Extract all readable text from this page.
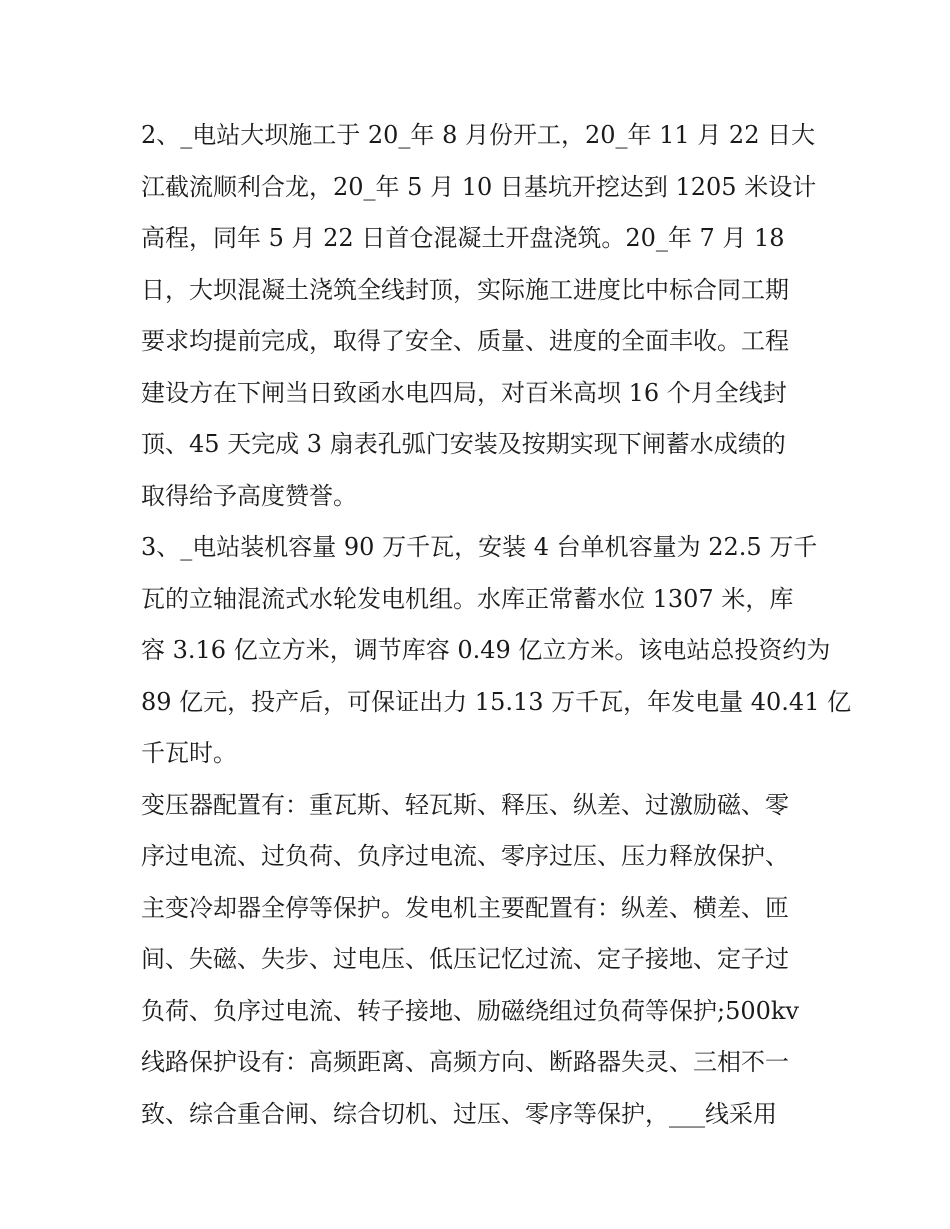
2、_电站大坝施工于 20_年 8 月份开工，20_年 11 月 22 日大
江截流顺利合龙，20_年 5 月 10 日基坑开挖达到 1205 米设计
高程，同年 5 月 22 日首仓混凝土开盘浇筑。20_年 7 月 18
日，大坝混凝土浇筑全线封顶，实际施工进度比中标合同工期
要求均提前完成，取得了安全、质量、进度的全面丰收。工程
建设方在下闸当日致函水电四局，对百米高坝 16 个月全线封
顶、45 天完成 3 扇表孔弧门安装及按期实现下闸蓄水成绩的
取得给予高度赞誉。
3、_电站装机容量 90 万千瓦，安装 4 台单机容量为 22.5 万千
瓦的立轴混流式水轮发电机组。水库正常蓄水位 1307 米，库
容 3.16 亿立方米，调节库容 0.49 亿立方米。该电站总投资约为
89 亿元，投产后，可保证出力 15.13 万千瓦，年发电量 40.41 亿
千瓦时。
变压器配置有：重瓦斯、轻瓦斯、释压、纵差、过激励磁、零
序过电流、过负荷、负序过电流、零序过压、压力释放保护、
主变冷却器全停等保护。发电机主要配置有：纵差、横差、匝
间、失磁、失步、过电压、低压记忆过流、定子接地、定子过
负荷、负序过电流、转子接地、励磁绕组过负荷等保护;500kv
线路保护设有：高频距离、高频方向、断路器失灵、三相不一
致、综合重合闸、综合切机、过压、零序等保护，___线采用
